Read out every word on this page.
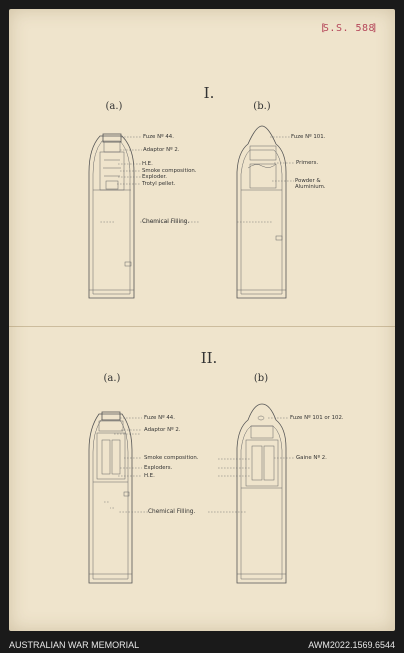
[ S.S. 588 ]
I.
(a.)	(b.)
Fuze Nº 44.
Adaptor Nº 2.
H.E.
Smoke composition.
Exploder.
Trotyl pellet.
Chemical Filling.
Fuze Nº 101.
Primers.
Powder &
Aluminium.
II.
(a.)	(b)
Fuze Nº 44.
Adaptor Nº 2.
Smoke composition.
Exploders.
H.E.
Chemical Filling.
Fuze Nº 101 or 102.
Gaine Nº 2.
AUSTRALIAN WAR MEMORIAL	AWM2022.1569.6544
